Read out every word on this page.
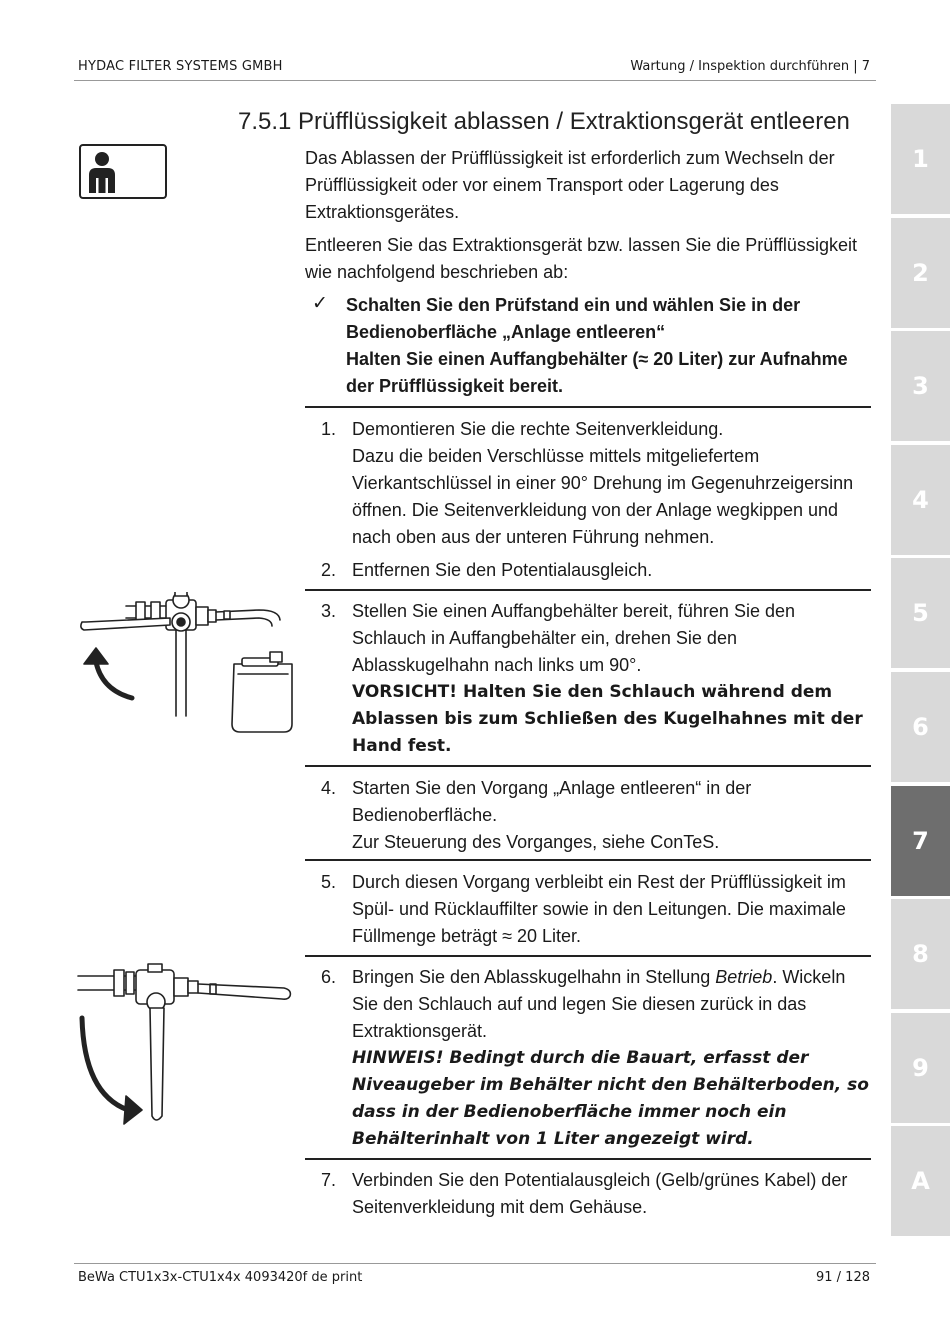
HYDAC FILTER SYSTEMS GMBH	Wartung / Inspektion durchführen | 7
BeWa CTU1x3x-CTU1x4x 4093420f de print	91 / 128
1
2
3
4
5
6
7
8
9
A
7.5.1 Prüfflüssigkeit ablassen / Extraktionsgerät entleeren
Das Ablassen der Prüfflüssigkeit ist erforderlich zum Wechseln der Prüfflüssigkeit oder vor einem Transport oder Lagerung des Extraktionsgerätes.
Entleeren Sie das Extraktionsgerät bzw. lassen Sie die Prüfflüssigkeit wie nachfolgend beschrieben ab:
✓ Schalten Sie den Prüfstand ein und wählen Sie in der Bedienoberfläche „Anlage entleeren“
Halten Sie einen Auffangbehälter (≈ 20 Liter) zur Aufnahme der Prüfflüssigkeit bereit.
1. Demontieren Sie die rechte Seitenverkleidung.
Dazu die beiden Verschlüsse mittels mitgeliefertem Vierkantschlüssel in einer 90° Drehung im Gegenuhrzeigersinn öffnen. Die Seitenverkleidung von der Anlage wegkippen und nach oben aus der unteren Führung nehmen.
2. Entfernen Sie den Potentialausgleich.
3. Stellen Sie einen Auffangbehälter bereit, führen Sie den Schlauch in Auffangbehälter ein, drehen Sie den Ablasskugelhahn nach links um 90°.
VORSICHT! Halten Sie den Schlauch während dem Ablassen bis zum Schließen des Kugelhahnes mit der Hand fest.
4. Starten Sie den Vorgang „Anlage entleeren“ in der Bedienoberfläche.
Zur Steuerung des Vorganges, siehe ConTeS.
5. Durch diesen Vorgang verbleibt ein Rest der Prüfflüssigkeit im Spül- und Rücklauffilter sowie in den Leitungen. Die maximale Füllmenge beträgt ≈ 20 Liter.
6. Bringen Sie den Ablasskugelhahn in Stellung Betrieb. Wickeln Sie den Schlauch auf und legen Sie diesen zurück in das Extraktionsgerät.
HINWEIS! Bedingt durch die Bauart, erfasst der Niveaugeber im Behälter nicht den Behälterboden, so dass in der Bedienoberfläche immer noch ein Behälterinhalt von 1 Liter angezeigt wird.
7. Verbinden Sie den Potentialausgleich (Gelb/grünes Kabel) der Seitenverkleidung mit dem Gehäuse.
